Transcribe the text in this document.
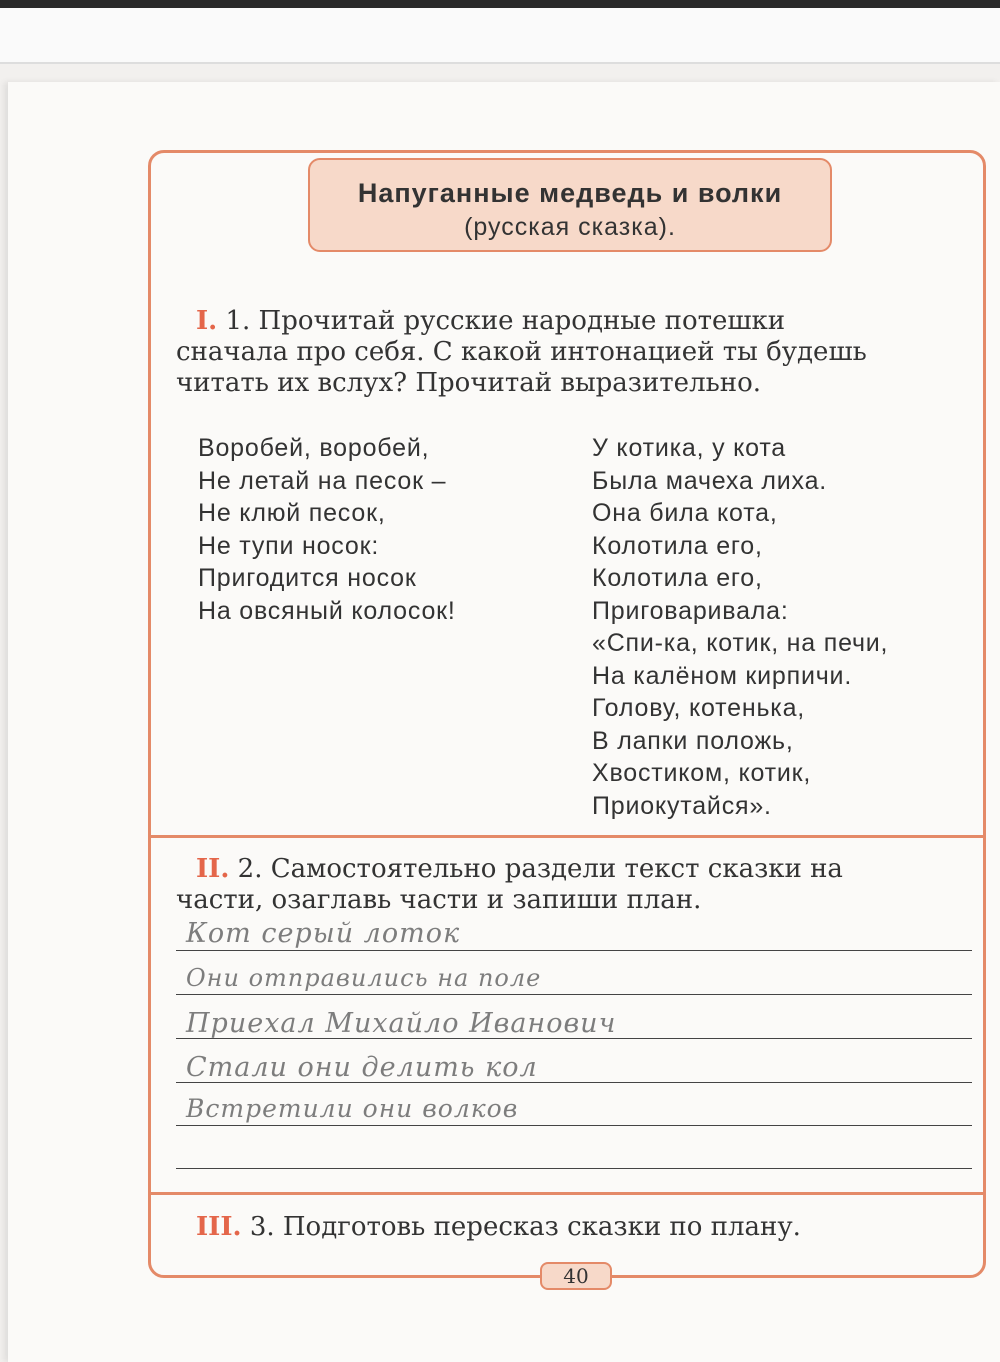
Напуганные медведь и волки
(русская сказка).
I. 1. Прочитай русские народные потешки
сначала про себя. С какой интонацией ты будешь
читать их вслух? Прочитай выразительно.
Воробей, воробей,
Не летай на песок –
Не клюй песок,
Не тупи носок:
Пригодится носок
На овсяный колосок!
У котика, у кота
Была мачеха лиха.
Она била кота,
Колотила его,
Колотила его,
Приговаривала:
«Спи-ка, котик, на печи,
На калёном кирпичи.
Голову, котенька,
В лапки положь,
Хвостиком, котик,
Приокутайся».
II. 2. Самостоятельно раздели текст сказки на
части, озаглавь части и запиши план.
Кот серый лоток
Они отправились на поле
Приехал Михайло Иванович
Стали они делить кол
Встретили они волков
III. 3. Подготовь пересказ сказки по плану.
40
